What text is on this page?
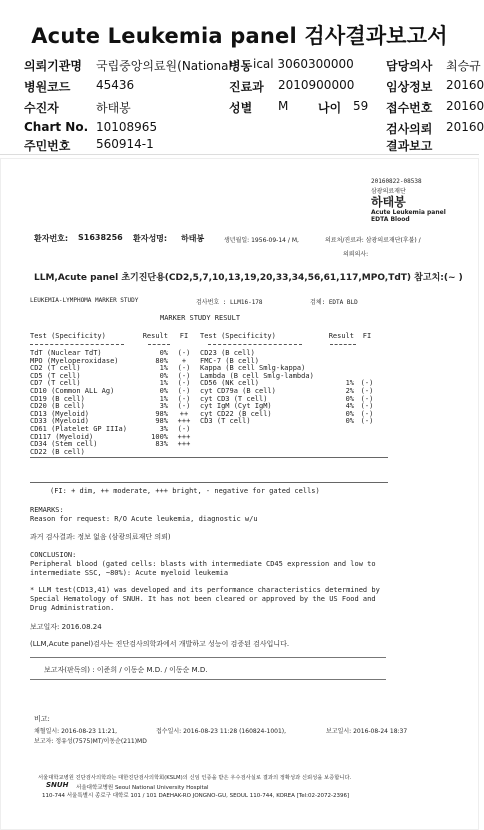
Acute Leukemia panel 검사결과보고서
의뢰기관명 국립중앙의료원(National
병동 ical 3060300000	담당의사 최승규
병원코드 45436	진료과 2010900000	임상정보 20160
수진자	하태봉	성별 M 나이 59 접수번호 20160
Chart No. 10108965	검사의뢰 20160
주민번호 560914-1	결과보고
20160822-08538
삼광의료재단
하태봉
Acute Leukemia panel
EDTA Blood
환자번호: S1638256 환자성명: 하태봉	생년월일: 1956-09-14 / M,	의료처/진료과: 삼광의료재단(후불) /
의뢰의사:
LLM,Acute panel 초기진단용(CD2,5,7,10,13,19,20,33,34,56,61,117,MPO,TdT) 참고치:(~ )
LEUKEMIA-LYMPHOMA MARKER STUDY	검사번호 : LLM16-178	검체: EDTA BLD
MARKER STUDY RESULT
Test (Specificity)	Result	FI	Test (Specificity)	Result	FI
TdT (Nuclear TdT)	0%	(-)	CD23 (B cell)
MPO (Myeloperoxidase)	80%	+	FMC-7 (B cell)
CD2 (T cell)	1%	(-)	Kappa (B cell Smlg-kappa)
CD5 (T cell)	0%	(-)	Lambda (B cell Smlg-lambda)
CD7 (T cell)	1%	(-)	CD56 (NK cell)	1% (-)
CD10 (Common ALL Ag)	0%	(-)	cyt CD79a (B cell)	2% (-)
CD19 (B cell)	1%	(-)	cyt CD3 (T cell)	0% (-)
CD20 (B cell)	3%	(-)	cyt IgM (Cyt IgM)	4% (-)
CD13 (Myeloid)	98%	++	cyt CD22 (B cell)	0% (-)
CD33 (Myeloid)	98%	+++	CD3 (T cell)	0% (-)
CD61 (Platelet GP IIIa)	3%	(-)
CD117 (Myeloid)	100%	+++
CD34 (Stem cell)	83%	+++
CD22 (B cell)
(FI: + dim, ++ moderate, +++ bright, - negative for gated cells)
REMARKS:
Reason for request: R/O Acute leukemia, diagnostic w/u
과거 검사결과: 정보 없음 (삼광의료재단 의뢰)
CONCLUSION:
Peripheral blood (gated cells: blasts with intermediate CD45 expression and low to
intermediate SSC, ~80%): Acute myeloid leukemia
* LLM test(CD13,41) was developed and its performance characteristics determined by
Special Hematology of SNUH. It has not been cleared or approved by the US Food and
Drug Administration.
보고일자: 2016.08.24
(LLM,Acute panel)검사는 진단검사의학과에서 개발하고 성능이 검증된 검사입니다.
보고자(판독의) : 이준희 / 이동순 M.D. / 이동순 M.D.
비고:
채혈일시: 2016-08-23 11:21,	접수일시: 2016-08-23 11:28 (160824-1001),	보고일시: 2016-08-24 18:37
보고자: 정유성(7575)MT/이동순(211)MD
서울대학교병원 진단검사의학과는 대한진단검사의학회(KSLM)의 신임 인증을 받은 우수검사실로 결과의 정확성과 신뢰성을 보증합니다.
SNUH 서울대학교병원 Seoul National University Hospital
110-744 서울특별시 종로구 대학로 101 / 101 DAEHAK-RO JONGNO-GU, SEOUL 110-744, KOREA [Tel:02-2072-2396]
